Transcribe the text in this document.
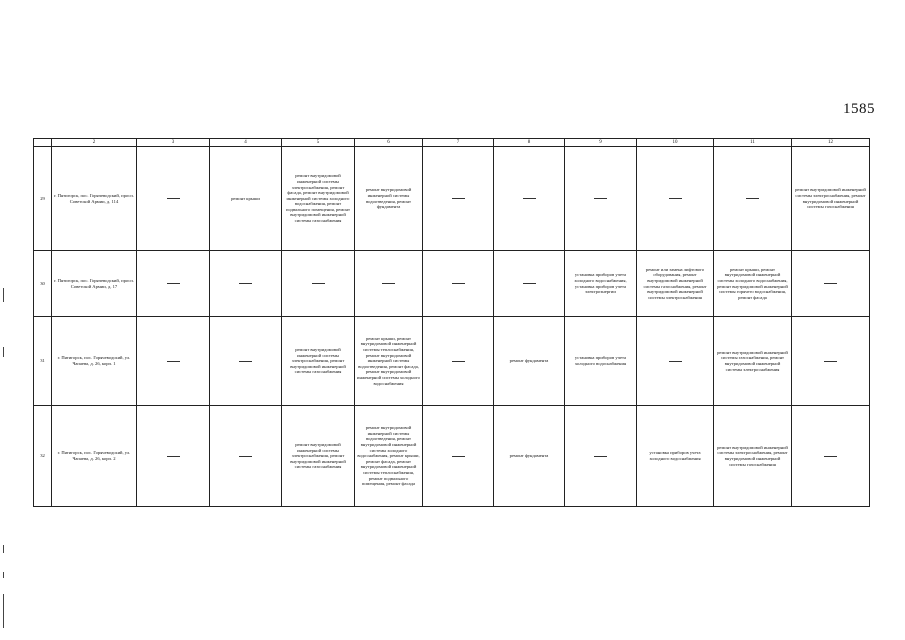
1585
	2	3	4	5	6	7	8	9	10	11	12
29	г. Пятигорск, пос. Горячеводский, просп. Советской Армии, д. 114		ремонт крыши	ремонт внутридомовой инженерной системы электроснабжения, ремонт фасада, ремонт внутридомовой инженерной системы холодного водоснабжения, ремонт подвального помещения, ремонт внутридомовой инженерной системы газоснабжения	ремонт внутридомовой инженерной системы водоотведения, ремонт фундамента						ремонт внутридомовой инженерной системы электроснабжения, ремонт внутридомовой инженерной системы газоснабжения
30	г. Пятигорск, пос. Горячеводский, просп. Советской Армии, д. 17							установка приборов учета холодного водоснабжения, установка приборов учета электроэнергии	ремонт или замена лифтового оборудования, ремонт внутридомовой инженерной системы газоснабжения, ремонт внутридомовой инженерной системы электроснабжения	ремонт крыши, ремонт внутридомовой инженерной системы холодного водоснабжения, ремонт внутридомовой инженерной системы горячего водоснабжения, ремонт фасада	
31	г. Пятигорск, пос. Горячеводский, ул. Чапаева, д. 26, корп. 1			ремонт внутридомовой инженерной системы электроснабжения, ремонт внутридомовой инженерной системы газоснабжения	ремонт крыши, ремонт внутридомовой инженерной системы теплоснабжения, ремонт внутридомовой инженерной системы водоотведения, ремонт фасада, ремонт внутридомовой инженерной системы холодного водоснабжения		ремонт фундамента	установка приборов учета холодного водоснабжения		ремонт внутридомовой инженерной системы газоснабжения, ремонт внутридомовой инженерной системы электроснабжения	
32	г. Пятигорск, пос. Горячеводский, ул. Чапаева, д. 26, корп. 2			ремонт внутридомовой инженерной системы электроснабжения, ремонт внутридомовой инженерной системы газоснабжения	ремонт внутридомовой инженерной системы водоотведения, ремонт внутридомовой инженерной системы холодного водоснабжения, ремонт крыши, ремонт фасада, ремонт внутридомовой инженерной системы теплоснабжения, ремонт подвального помещения, ремонт фасада		ремонт фундамента		установка приборов учета холодного водоснабжения	ремонт внутридомовой инженерной системы электроснабжения, ремонт внутридомовой инженерной системы газоснабжения	
